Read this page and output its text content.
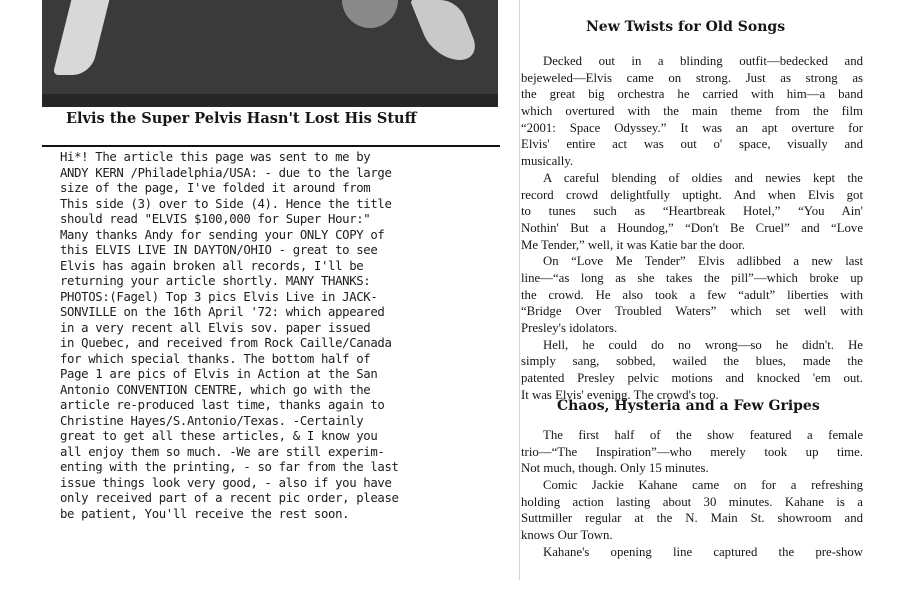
Elvis the Super Pelvis Hasn't Lost His Stuff
Hi*! The article this page was sent to me by
ANDY KERN /Philadelphia/USA: - due to the large
size of the page, I've folded it around from
This side (3) over to Side (4). Hence the title
should read "ELVIS $100,000 for Super Hour:"
Many thanks Andy for sending your ONLY COPY of
this ELVIS LIVE IN DAYTON/OHIO - great to see
Elvis has again broken all records, I'll be
returning your article shortly. MANY THANKS:
PHOTOS:(Fagel) Top 3 pics Elvis Live in JACK-
SONVILLE on the 16th April '72: which appeared
in a very recent all Elvis sov. paper issued
in Quebec, and received from Rock Caille/Canada
for which special thanks. The bottom half of
Page 1 are pics of Elvis in Action at the San
Antonio CONVENTION CENTRE, which go with the
article re-produced last time, thanks again to
Christine Hayes/S.Antonio/Texas. -Certainly
great to get all these articles, & I know you
all enjoy them so much. -We are still experim-
enting with the printing, - so far from the last
issue things look very good, - also if you have
only received part of a recent pic order, please
be patient, You'll receive the rest soon.
New Twists for Old Songs
Decked out in a blinding outfit—bedecked and
bejeweled—Elvis came on strong. Just as strong as
the great big orchestra he carried with him—a band
which overtured with the main theme from the film
“2001: Space Odyssey.” It was an apt overture for
Elvis' entire act was out o' space, visually and
musically.
A careful blending of oldies and newies kept the
record crowd delightfully uptight. And when Elvis got
to tunes such as “Heartbreak Hotel,” “You Ain'
Nothin' But a Houndog,” “Don't Be Cruel” and “Love
Me Tender,” well, it was Katie bar the door.
On “Love Me Tender” Elvis adlibbed a new last
line—“as long as she takes the pill”—which broke up
the crowd. He also took a few “adult” liberties with
“Bridge Over Troubled Waters” which set well with
Presley's idolators.
Hell, he could do no wrong—so he didn't. He
simply sang, sobbed, wailed the blues, made the
patented Presley pelvic motions and knocked 'em out.
It was Elvis' evening. The crowd's too.
Chaos, Hysteria and a Few Gripes
The first half of the show featured a female
trio—“The Inspiration”—who merely took up time.
Not much, though. Only 15 minutes.
Comic Jackie Kahane came on for a refreshing
holding action lasting about 30 minutes. Kahane is a
Suttmiller regular at the N. Main St. showroom and
knows Our Town.
Kahane's opening line captured the pre-show
